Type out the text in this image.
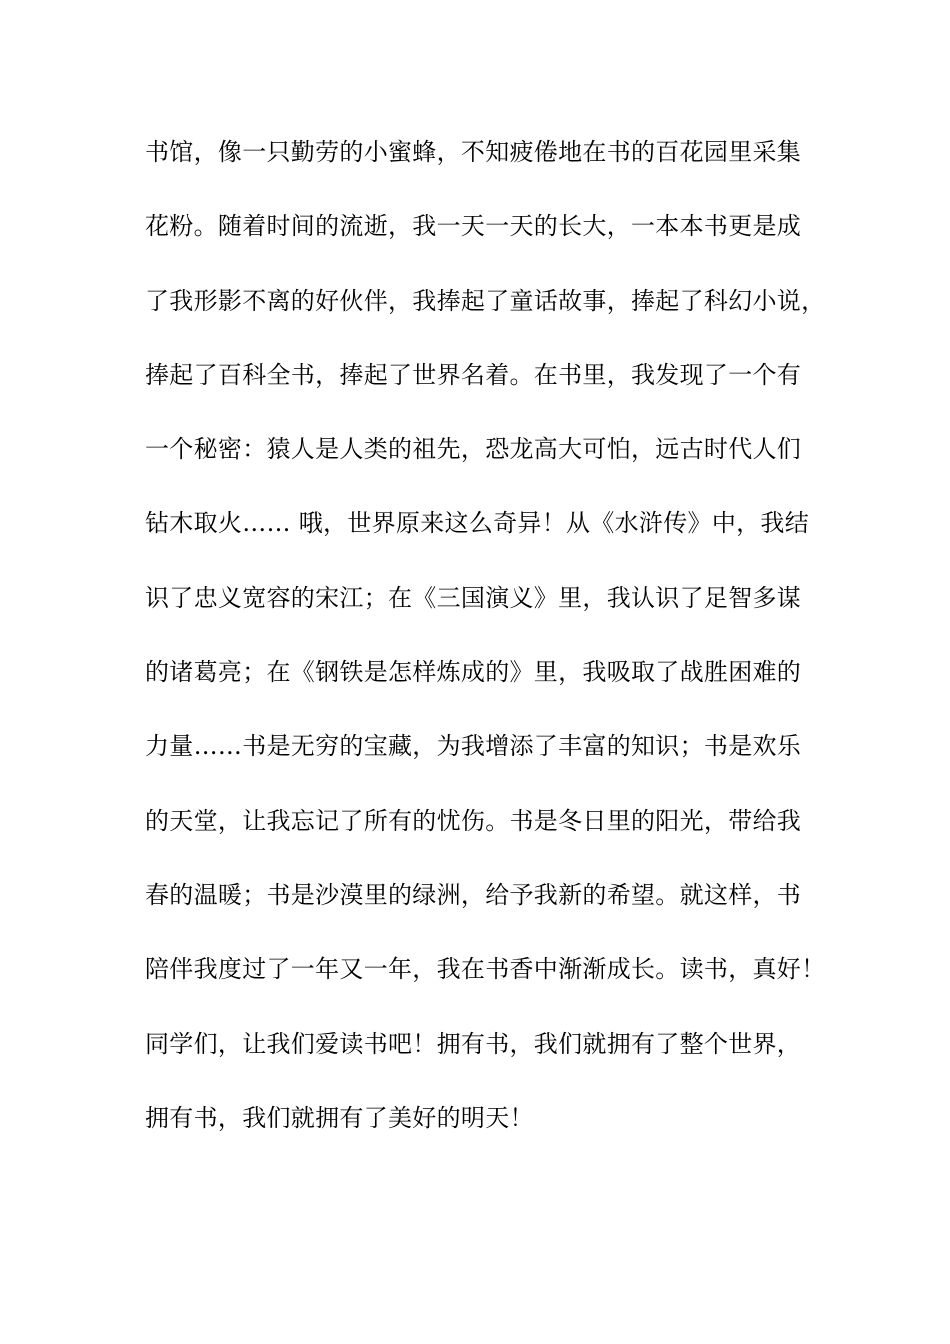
书馆，像一只勤劳的小蜜蜂，不知疲倦地在书的百花园里采集
花粉。随着时间的流逝，我一天一天的长大，一本本书更是成
了我形影不离的好伙伴，我捧起了童话故事，捧起了科幻小说，
捧起了百科全书，捧起了世界名着。在书里，我发现了一个有
一个秘密：猿人是人类的祖先，恐龙高大可怕，远古时代人们
钻木取火…… 哦，世界原来这么奇异！从《水浒传》中，我结
识了忠义宽容的宋江；在《三国演义》里，我认识了足智多谋
的诸葛亮；在《钢铁是怎样炼成的》里，我吸取了战胜困难的
力量……书是无穷的宝藏，为我增添了丰富的知识；书是欢乐
的天堂，让我忘记了所有的忧伤。书是冬日里的阳光，带给我
春的温暖；书是沙漠里的绿洲，给予我新的希望。就这样，书
陪伴我度过了一年又一年，我在书香中渐渐成长。读书，真好！
同学们，让我们爱读书吧！拥有书，我们就拥有了整个世界，
拥有书，我们就拥有了美好的明天！
